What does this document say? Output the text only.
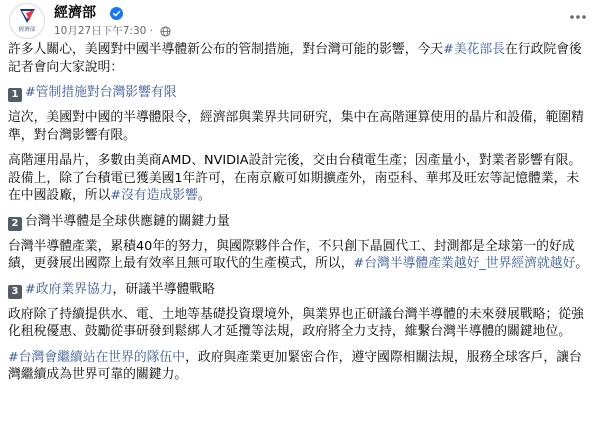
經濟部
經濟部
10月27日下午7:30 ·
許多人關心，美國對中國半導體新公布的管制措施，對台灣可能的影響，今天#美花部長在行政院會後記者會向大家說明：
1 #管制措施對台灣影響有限
這次，美國對中國的半導體限令，經濟部與業界共同研究，集中在高階運算使用的晶片和設備，範圍精準，對台灣影響有限。
高階運用晶片，多數由美商AMD、NVIDIA設計完後，交由台積電生產；因產量小，對業者影響有限。設備上，除了台積電已獲美國1年許可，在南京廠可如期擴產外，南亞科、華邦及旺宏等記憶體業，未在中國設廠，所以#沒有造成影響。
2 台灣半導體是全球供應鏈的關鍵力量
台灣半導體產業，累積40年的努力，與國際夥伴合作，不只創下晶圓代工、封測都是全球第一的好成績，更發展出國際上最有效率且無可取代的生產模式，所以，#台灣半導體產業越好_世界經濟就越好。
3 #政府業界協力，研議半導體戰略
政府除了持續提供水、電、土地等基礎投資環境外，與業界也正研議台灣半導體的未來發展戰略；從強化租稅優惠、鼓勵從事研發到鬆綁人才延攬等法規，政府將全力支持，維繫台灣半導體的關鍵地位。
#台灣會繼續站在世界的隊伍中，政府與產業更加緊密合作，遵守國際相關法規，服務全球客戶，讓台灣繼續成為世界可靠的關鍵力。
